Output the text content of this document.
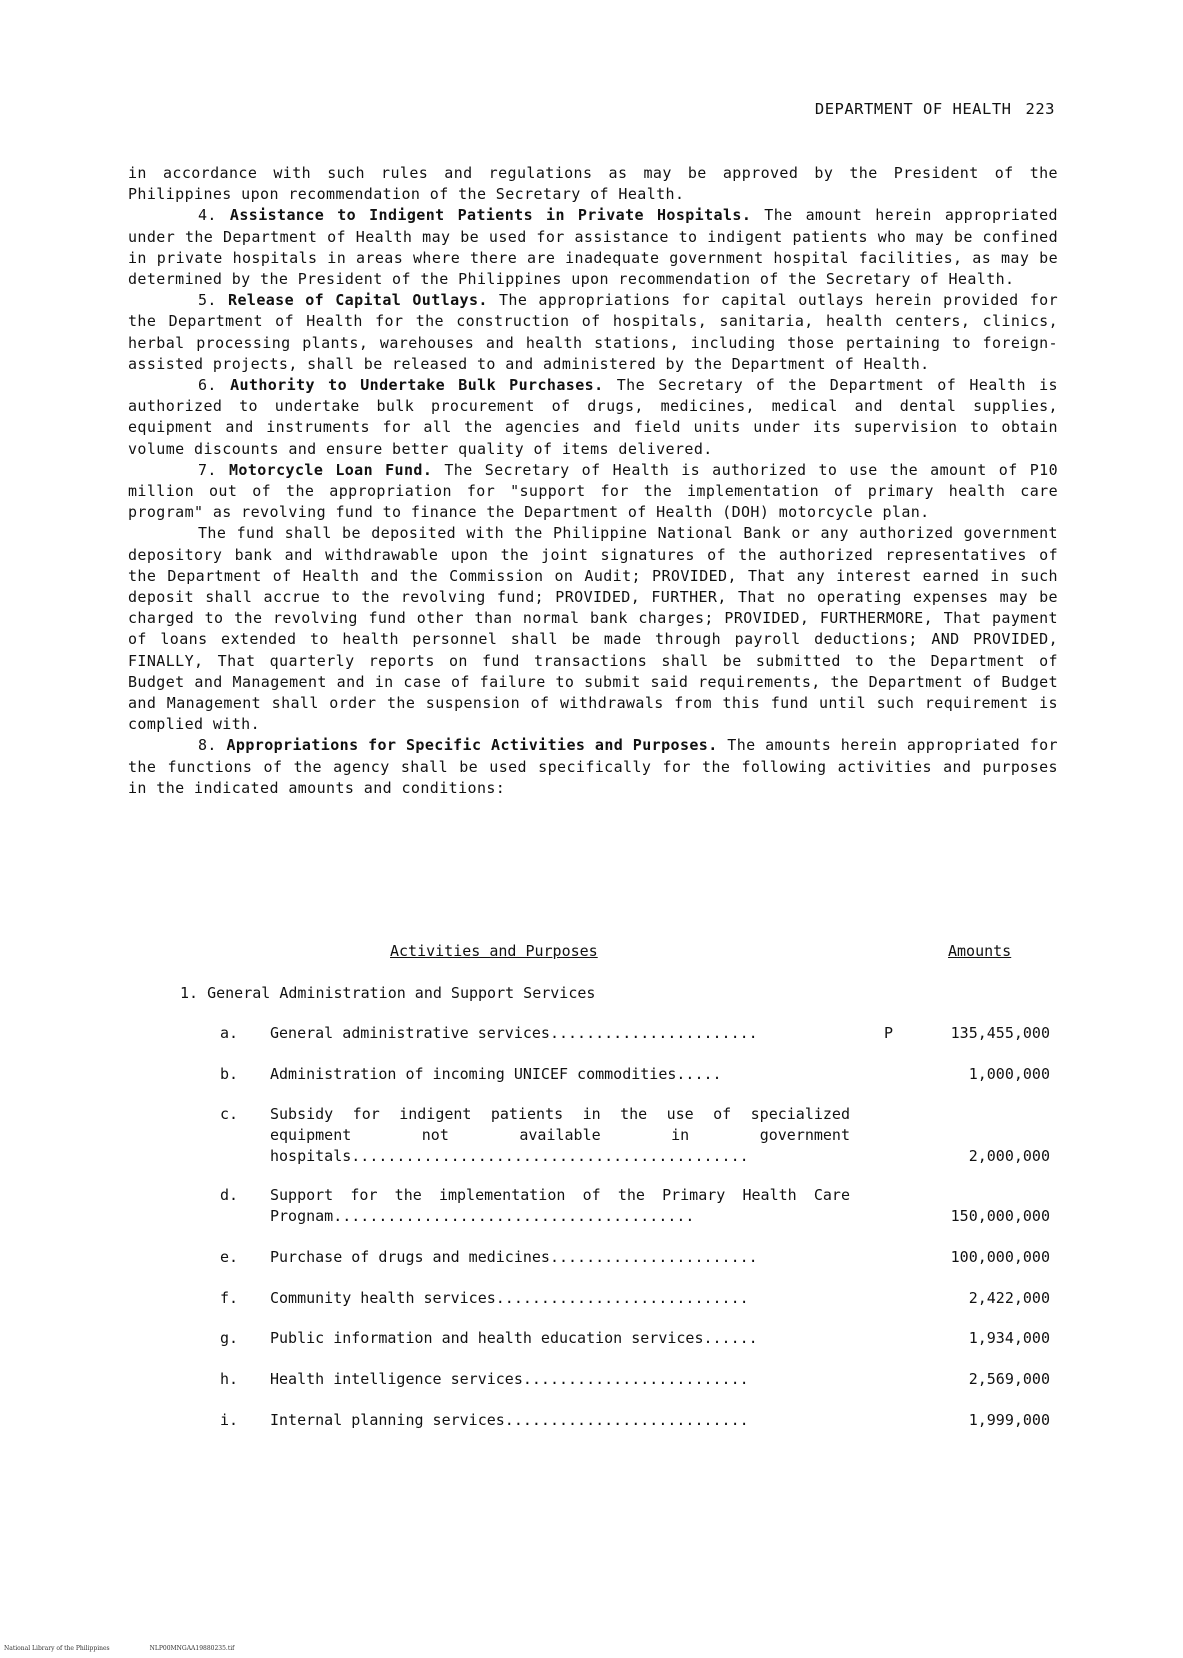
DEPARTMENT OF HEALTH 223

in accordance with such rules and regulations as may be approved by the President of the Philippines upon recommendation of the Secretary of Health.

4. Assistance to Indigent Patients in Private Hospitals. The amount herein appropriated under the Department of Health may be used for assistance to indigent patients who may be confined in private hospitals in areas where there are inadequate government hospital facilities, as may be determined by the President of the Philippines upon recommendation of the Secretary of Health.

5. Release of Capital Outlays. The appropriations for capital outlays herein provided for the Department of Health for the construction of hospitals, sanitaria, health centers, clinics, herbal processing plants, warehouses and health stations, including those pertaining to foreign-assisted projects, shall be released to and administered by the Department of Health.

6. Authority to Undertake Bulk Purchases. The Secretary of the Department of Health is authorized to undertake bulk procurement of drugs, medicines, medical and dental supplies, equipment and instruments for all the agencies and field units under its supervision to obtain volume discounts and ensure better quality of items delivered.

7. Motorcycle Loan Fund. The Secretary of Health is authorized to use the amount of P10 million out of the appropriation for "support for the implementation of primary health care program" as revolving fund to finance the Department of Health (DOH) motorcycle plan.

The fund shall be deposited with the Philippine National Bank or any authorized government depository bank and withdrawable upon the joint signatures of the authorized representatives of the Department of Health and the Commission on Audit; PROVIDED, That any interest earned in such deposit shall accrue to the revolving fund; PROVIDED, FURTHER, That no operating expenses may be charged to the revolving fund other than normal bank charges; PROVIDED, FURTHERMORE, That payment of loans extended to health personnel shall be made through payroll deductions; AND PROVIDED, FINALLY, That quarterly reports on fund transactions shall be submitted to the Department of Budget and Management and in case of failure to submit said requirements, the Department of Budget and Management shall order the suspension of withdrawals from this fund until such requirement is complied with.

8. Appropriations for Specific Activities and Purposes. The amounts herein appropriated for the functions of the agency shall be used specifically for the following activities and purposes in the indicated amounts and conditions:

Activities and Purposes	Amounts
1. General Administration and Support Services
a. General administrative services.......................	P	135,455,000
b. Administration of incoming UNICEF commodities.....	1,000,000
c. Subsidy for indigent patients in the use of specialized equipment not available in government hospitals............................................	2,000,000
d. Support for the implementation of the Primary Health Care Prognam........................................	150,000,000
e. Purchase of drugs and medicines.......................	100,000,000
f. Community health services............................	2,422,000
g. Public information and health education services......	1,934,000
h. Health intelligence services.........................	2,569,000
i. Internal planning services...........................	1,999,000
National Library of the Philippines	NLP00MNGAA19880235.tif
